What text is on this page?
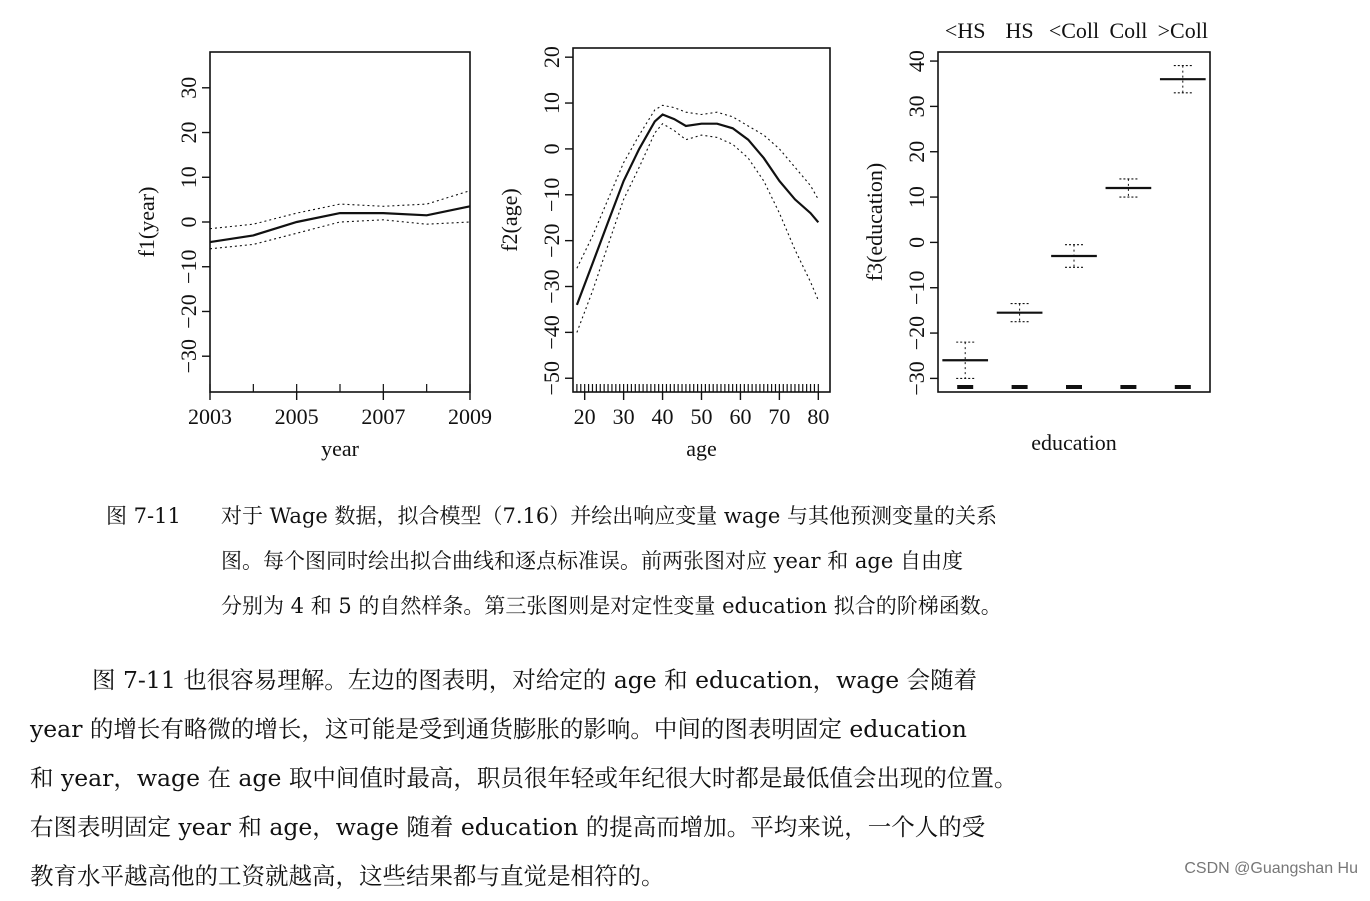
−30
−20
−10
0
10
20
30
f1(year)
year
2003 2005 2007 2009
−50
−40
−30
−20
−10
0
10
20
f2(age)
age
20 30 40 50 60 70 80
−30
−20
−10
0
10
20
30
40
f3(education)
education
<HS HS <Coll Coll >Coll
图 7-11 对于 Wage 数据，拟合模型（7.16）并绘出响应变量 wage 与其他预测变量的关系
图。每个图同时绘出拟合曲线和逐点标准误。前两张图对应 year 和 age 自由度
分别为 4 和 5 的自然样条。第三张图则是对定性变量 education 拟合的阶梯函数。
图 7-11 也很容易理解。左边的图表明，对给定的 age 和 education，wage 会随着
year 的增长有略微的增长，这可能是受到通货膨胀的影响。中间的图表明固定 education
和 year，wage 在 age 取中间值时最高，职员很年轻或年纪很大时都是最低值会出现的位置。
右图表明固定 year 和 age，wage 随着 education 的提高而增加。平均来说，一个人的受
教育水平越高他的工资就越高，这些结果都与直觉是相符的。	CSDN @Guangshan Hu
